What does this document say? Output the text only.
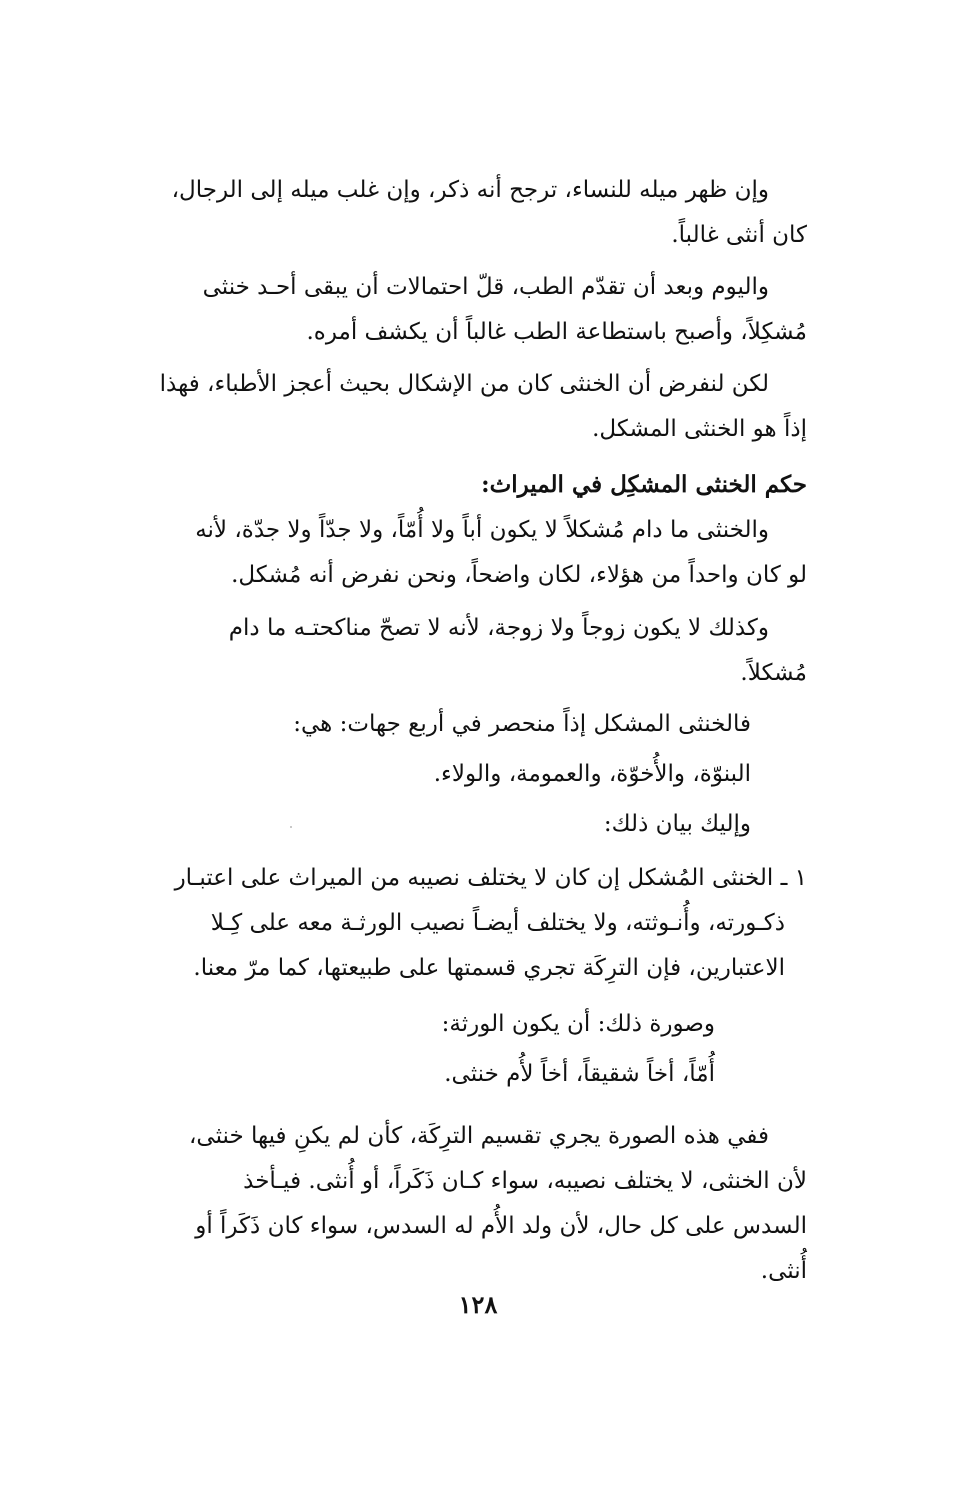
وإن ظهر ميله للنساء، ترجح أنه ذكر، وإن غلب ميله إلى الرجال،
كان أنثى غالباً.

واليوم وبعد أن تقدّم الطب، قلّ احتمالات أن يبقى أحـد خنثى
مُشكِلاً، وأصبح باستطاعة الطب غالباً أن يكشف أمره.

لكن لنفرض أن الخنثى كان من الإشكال بحيث أعجز الأطباء، فهذا
إذاً هو الخنثى المشكل.

حكم الخنثى المشكِل في الميراث:

والخنثى ما دام مُشكلاً لا يكون أباً ولا أُمّاً، ولا جدّاً ولا جدّة، لأنه
لو كان واحداً من هؤلاء، لكان واضحاً، ونحن نفرض أنه مُشكل.

وكذلك لا يكون زوجاً ولا زوجة، لأنه لا تصحّ مناكحتـه ما دام
مُشكلاً.

فالخنثى المشكل إذاً منحصر في أربع جهات: هي:

البنوّة، والأُخوّة، والعمومة، والولاء.

وإليك بيان ذلك:

١ ـ الخنثى المُشكل إن كان لا يختلف نصيبه من الميراث على اعتبـار
ذكـورته، وأُنـوثته، ولا يختلف أيضـاً نصيب الورثـة معه على كِـلا
الاعتبارين، فإن الترِكَة تجري قسمتها على طبيعتها، كما مرّ معنا.

وصورة ذلك: أن يكون الورثة:

أُمّاً، أخاً شقيقاً، أخاً لأُم خنثى.

ففي هذه الصورة يجري تقسيم الترِكَة، كأن لم يكنِ فيها خنثى،
لأن الخنثى، لا يختلف نصيبه، سواء كـان ذَكَراً، أو أُنثى. فيـأخذ
السدس على كل حال، لأن ولد الأُم له السدس، سواء كان ذَكَراً أو
أُنثى.

١٢٨
